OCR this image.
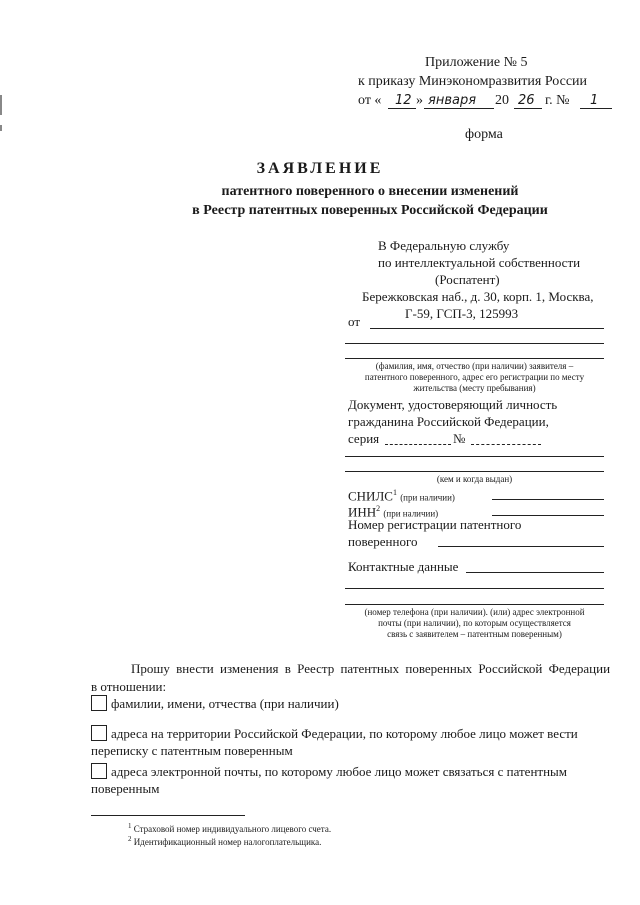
Приложение № 5
к приказу Минэкономразвития России
от « 12 » января 20 26 г. № 1
форма
ЗАЯВЛЕНИЕ
патентного поверенного о внесении изменений
в Реестр патентных поверенных Российской Федерации
В Федеральную службу
по интеллектуальной собственности
(Роспатент)
Бережковская наб., д. 30, корп. 1, Москва,
Г-59, ГСП-3, 125993
от
(фамилия, имя, отчество (при наличии) заявителя –
патентного поверенного, адрес его регистрации по месту
жительства (месту пребывания)
Документ, удостоверяющий личность
гражданина Российской Федерации,
серия	№
(кем и когда выдан)
СНИЛС$^1$ (при наличии)
ИНН$^2$ (при наличии)
Номер регистрации патентного
поверенного
Контактные данные
(номер телефона (при наличии). (или) адрес электронной
почты (при наличии), по которым осуществляется
связь с заявителем – патентным поверенным)
Прошу внести изменения в Реестр патентных поверенных Российской Федерации
в отношении:
фамилии, имени, отчества (при наличии)
адреса на территории Российской Федерации, по которому любое лицо может вести
переписку с патентным поверенным
адреса электронной почты, по которому любое лицо может связаться с патентным
поверенным
$^1$ Страховой номер индивидуального лицевого счета.
$^2$ Идентификационный номер налогоплательщика.
